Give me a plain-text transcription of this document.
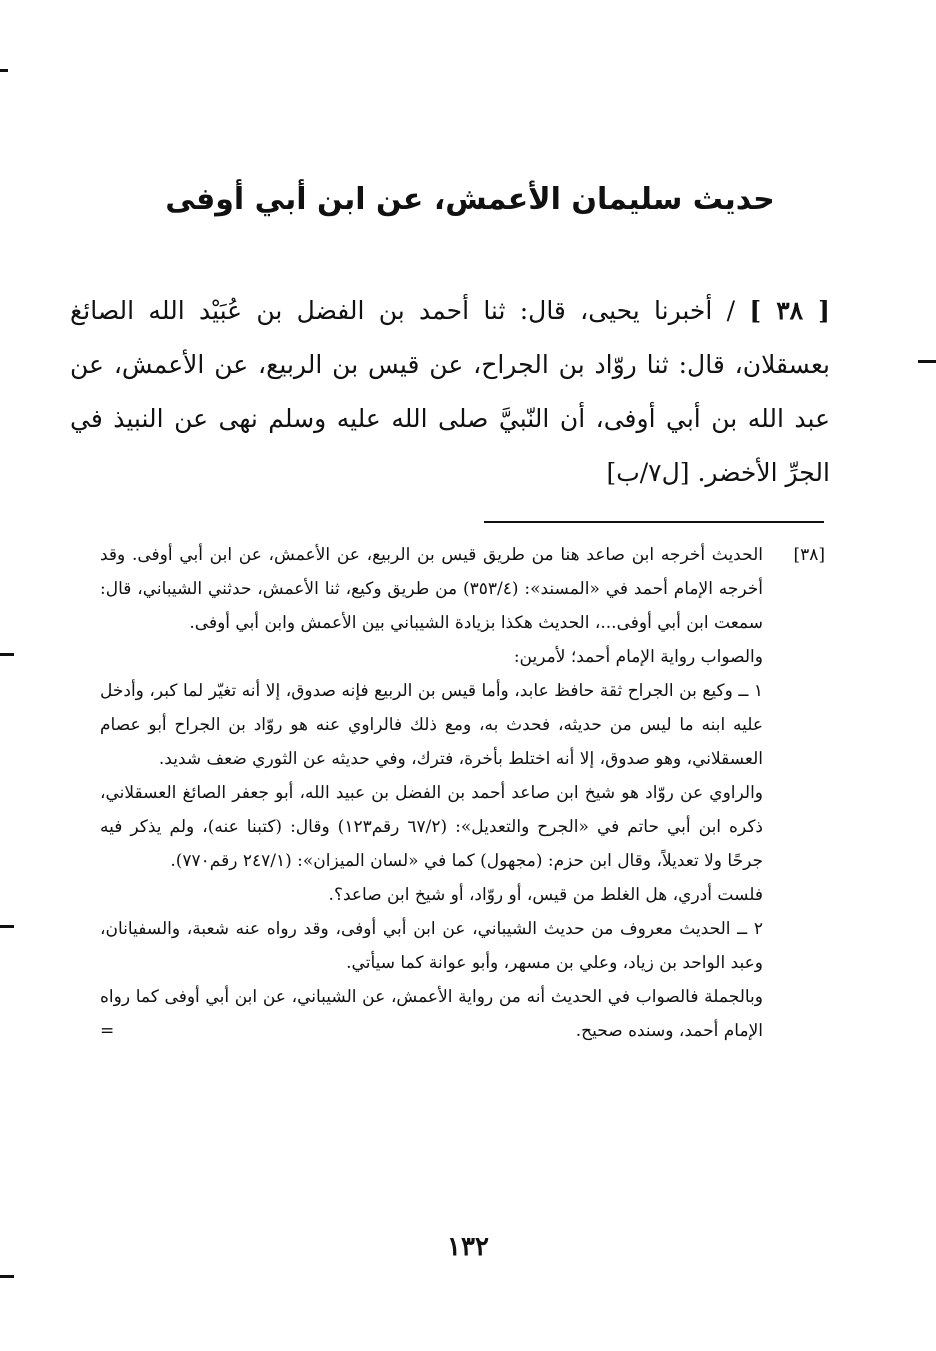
حديث سليمان الأعمش، عن ابن أبي أوفى

[ ٣٨ ] / أخبرنا يحيى، قال: ثنا أحمد بن الفضل بن عُبَيْد الله الصائغ بعسقلان، قال: ثنا روّاد بن الجراح، عن قيس بن الربيع، عن الأعمش، عن عبد الله بن أبي أوفى، أن النّبيَّ صلى الله عليه وسلم نهى عن النبيذ في الجرِّ الأخضر. [ل٧/ب]

[٣٨]

الحديث أخرجه ابن صاعد هنا من طريق قيس بن الربيع، عن الأعمش، عن ابن أبي أوفى. وقد أخرجه الإمام أحمد في «المسند»: (٣٥٣/٤) من طريق وكيع، ثنا الأعمش، حدثني الشيباني، قال: سمعت ابن أبي أوفى...، الحديث هكذا بزيادة الشيباني بين الأعمش وابن أبي أوفى.

والصواب رواية الإمام أحمد؛ لأمرين:

١ ــ وكيع بن الجراح ثقة حافظ عابد، وأما قيس بن الربيع فإنه صدوق، إلا أنه تغيّر لما كبر، وأدخل عليه ابنه ما ليس من حديثه، فحدث به، ومع ذلك فالراوي عنه هو روّاد بن الجراح أبو عصام العسقلاني، وهو صدوق، إلا أنه اختلط بأخرة، فترك، وفي حديثه عن الثوري ضعف شديد.

والراوي عن روّاد هو شيخ ابن صاعد أحمد بن الفضل بن عبيد الله، أبو جعفر الصائغ العسقلاني، ذكره ابن أبي حاتم في «الجرح والتعديل»: (٦٧/٢ رقم١٢٣) وقال: (كتبنا عنه)، ولم يذكر فيه جرحًا ولا تعديلاً، وقال ابن حزم: (مجهول) كما في «لسان الميزان»: (٢٤٧/١ رقم٧٧٠).

فلست أدري، هل الغلط من قيس، أو روّاد، أو شيخ ابن صاعد؟.

٢ ــ الحديث معروف من حديث الشيباني، عن ابن أبي أوفى، وقد رواه عنه شعبة، والسفيانان، وعبد الواحد بن زياد، وعلي بن مسهر، وأبو عوانة كما سيأتي.

وبالجملة فالصواب في الحديث أنه من رواية الأعمش، عن الشيباني، عن ابن أبي أوفى كما رواه الإمام أحمد، وسنده صحيح.

=
١٣٢
